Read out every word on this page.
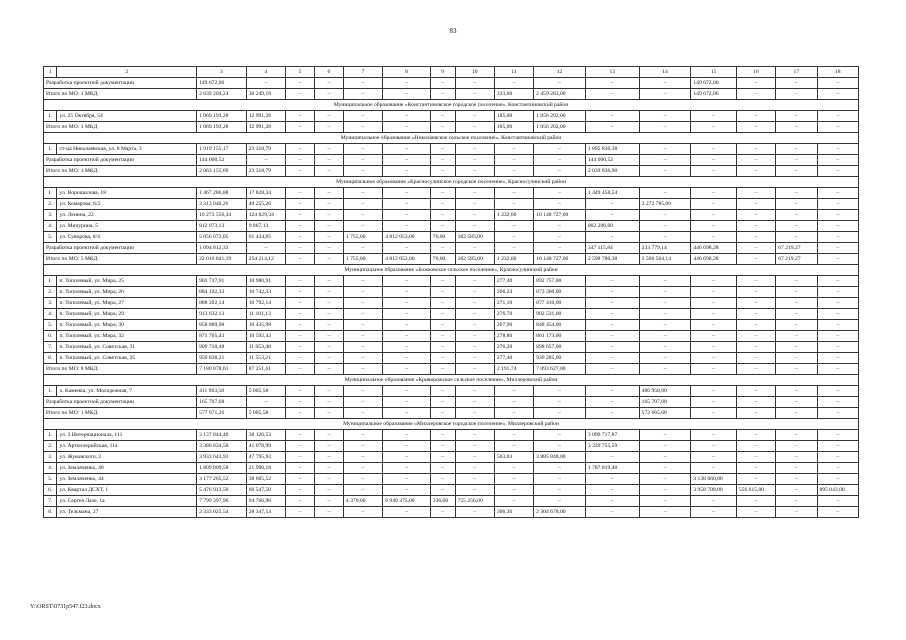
83
1	2	3	4	5	6	7	8	9	10	11	12	13	14	15	16	17	18
Разработка проектной документации		149 672,06	–	–	–	–	–	–	–	–	–	–	–	149 672,06	–	–	–
Итого по МО: 1 МКД		2 639 204,24	30 249,18	–	–	–	–	–	–	333,00	2 459 283,00	–	–	149 672,06	–	–	–
Муниципальное образование «Константиновское городское поселение», Константиновский район																	
1.	ул. 25 Октября, 54	1 069 193,28	12 991,28	–	–	–	–	–	–	185,00	1 056 202,00	–	–	–	–	–	–
Итого по МО: 1 МКД		1 069 193,28	12 991,28	–	–	–	–	–	–	185,00	1 056 202,00	–	–	–	–	–	–
Муниципальное образование «Николаевское сельское поселение», Константиновский район																	
1.	ст-ца Николаевская, ул. 8 Марта, 3	1 919 155,17	23 318,79	–	–	–	–	–	–	–	–	1 895 836,38	–	–	–	–	–
Разработка проектной документации		144 000,52	–	–	–	–	–	–	–	–	–	144 000,52	–	–	–	–	–
Итого по МО: 1 МКД		2 063 155,69	23 318,79	–	–	–	–	–	–	–	–	2 039 836,90	–	–	–	–	–
Муниципальное образование «Красносулинское городское поселение», Красносулинский район																	
1.	ул. Ворошилова, 18	1 467 286,88	17 828,34	–	–	–	–	–	–	–	–	1 449 458,54	–	–	–	–	–
2.	ул. Комарова, 6/2	3 313 040,26	40 255,26	–	–	–	–	–	–	–	–	–	3 272 785,00	–	–	–	–
3.	ул. Ленина, 22	10 273 556,34	124 829,34	–	–	–	–	–	–	1 232,00	10 148 727,00	–	–	–	–	–	–
4.	ул. Мичурина, 5	812 073,13	9 867,13	–	–	–	–	–	–	–	–	802 206,00	–	–	–	–	–
5.	ул. Суворова, 8/4	5 056 072,05	61 434,05	–	–	1 755,00	4 812 053,00	76,00	182 585,00	–	–	–	–	–	–	–	–
Разработка проектной документации		1 094 812,33	–	–	–	–	–	–	–	–	–	347 115,84	233 779,14	446 698,28	–	67 219,27	–
Итого по МО: 5 МКД		22 016 841,19	254 214,12	–	–	1 755,00	4 812 053,00	76,00	182 585,00	1 232,00	10 148 727,00	2 598 780,38	3 506 564,14	446 698,28	–	67 219,27	–
Муниципальное образование «Божковское сельское поселение», Красносулинский район																	
1.	п. Тополевый, ул. Мира, 25	903 737,91	10 980,91	–	–	–	–	–	–	277,40	892 757,00	–	–	–	–	–	–
2.	п. Тополевый, ул. Мира, 26	884 102,33	10 742,33	–	–	–	–	–	–	266,24	873 360,00	–	–	–	–	–	–
3.	п. Тополевый, ул. Мира, 27	888 202,14	10 792,14	–	–	–	–	–	–	271,10	877 410,00	–	–	–	–	–	–
4.	п. Тополевый, ул. Мира, 29	913 632,13	11 101,13	–	–	–	–	–	–	276,70	902 531,00	–	–	–	–	–	–
5.	п. Тополевый, ул. Мира, 30	858 889,98	10 435,98	–	–	–	–	–	–	267,90	848 454,00	–	–	–	–	–	–
6.	п. Тополевый, ул. Мира, 32	871 765,43	10 592,43	–	–	–	–	–	–	278,80	861 173,00	–	–	–	–	–	–
7.	п. Тополевый, ул. Советская, 31	909 710,48	11 053,48	–	–	–	–	–	–	276,20	898 657,00	–	–	–	–	–	–
8.	п. Тополевый, ул. Советская, 35	950 838,21	11 553,21	–	–	–	–	–	–	277,40	939 285,00	–	–	–	–	–	–
Итого по МО: 8 МКД		7 180 878,61	87 251,61	–	–	–	–	–	–	2 191,74	7 093 627,00	–	–	–	–	–	–
Муниципальное образование «Криворожское сельское поселение», Миллеровский район																	
1.	х. Каменка, ул. Молодежная, 7	411 963,58	5 005,58	–	–	–	–	–	–	–	–	–	406 958,00	–	–	–	–
Разработка проектной документации		165 707,68	–	–	–	–	–	–	–	–	–	–	165 707,68	–	–	–	–
Итого по МО: 1 МКД		577 671,26	5 005,58	–	–	–	–	–	–	–	–	–	572 665,68	–	–	–	–
Муниципальное образование «Миллеровское городское поселение», Миллеровский район																	
1.	ул. 3 Интернационала, 111	3 137 844,40	38 126,53	–	–	–	–	–	–	–	–	3 099 717,87	–	–	–	–	–
2.	ул. Артиллерийская, 11а	3 380 834,58	41 078,99	–	–	–	–	–	–	–	–	3 339 755,59	–	–	–	–	–
3.	ул. Жуковского, 2	3 933 643,93	47 795,93	–	–	–	–	–	–	563,03	3 885 848,00	–	–	–	–	–	–
4.	ул. Земляченко, 40	1 809 809,58	21 990,18	–	–	–	–	–	–	–	–	1 787 819,40	–	–	–	–	–
5.	ул. Земляченко, 44	3 177 265,52	38 605,52	–	–	–	–	–	–	–	–	–	–	3 138 660,00	–	–	–
6.	ул. Квартал ДСХТ, 1	5 476 913,50	66 547,50	–	–	–	–	–	–	–	–	–	–	3 958 708,00	556 615,00	–	895 043,00
7.	ул. Сергея Лазо, 1а	7 799 397,96	94 766,96	–	–	4 370,00	6 949 375,00	336,00	755 256,00	–	–	–	–	–	–	–	–
8.	ул. Тельмана, 27	2 333 025,54	28 347,54	–	–	–	–	–	–	306,36	2 304 678,00	–	–	–	–	–	–
Y:\ORST\0731p547.f23.docx
